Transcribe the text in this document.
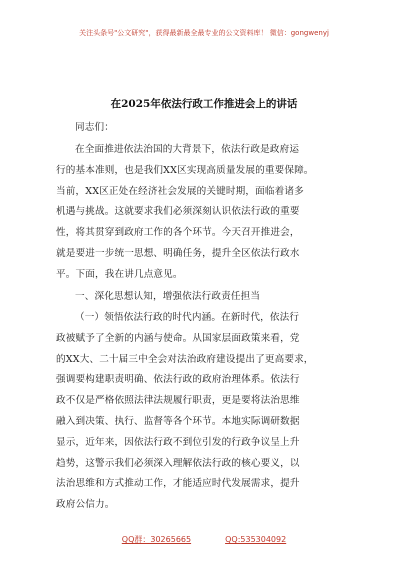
关注头条号"公文研究"，获得最新最全最专业的公文资料库！ 微信：gongwenyj
在2025年依法行政工作推进会上的讲话
同志们：
在全面推进依法治国的大背景下，依法行政是政府运
行的基本准则，也是我们XX区实现高质量发展的重要保障。
当前，XX区正处在经济社会发展的关键时期，面临着诸多
机遇与挑战。这就要求我们必须深刻认识依法行政的重要
性，将其贯穿到政府工作的各个环节。今天召开推进会，
就是要进一步统一思想、明确任务，提升全区依法行政水
平。下面，我在讲几点意见。
一、深化思想认知，增强依法行政责任担当
（一）领悟依法行政的时代内涵。在新时代，依法行
政被赋予了全新的内涵与使命。从国家层面政策来看，党
的XX大、二十届三中全会对法治政府建设提出了更高要求，
强调要构建职责明确、依法行政的政府治理体系。依法行
政不仅是严格依照法律法规履行职责，更是要将法治思维
融入到决策、执行、监督等各个环节。本地实际调研数据
显示，近年来，因依法行政不到位引发的行政争议呈上升
趋势，这警示我们必须深入理解依法行政的核心要义，以
法治思维和方式推动工作，才能适应时代发展需求，提升
政府公信力。
QQ群：30265665	QQ:535304092
